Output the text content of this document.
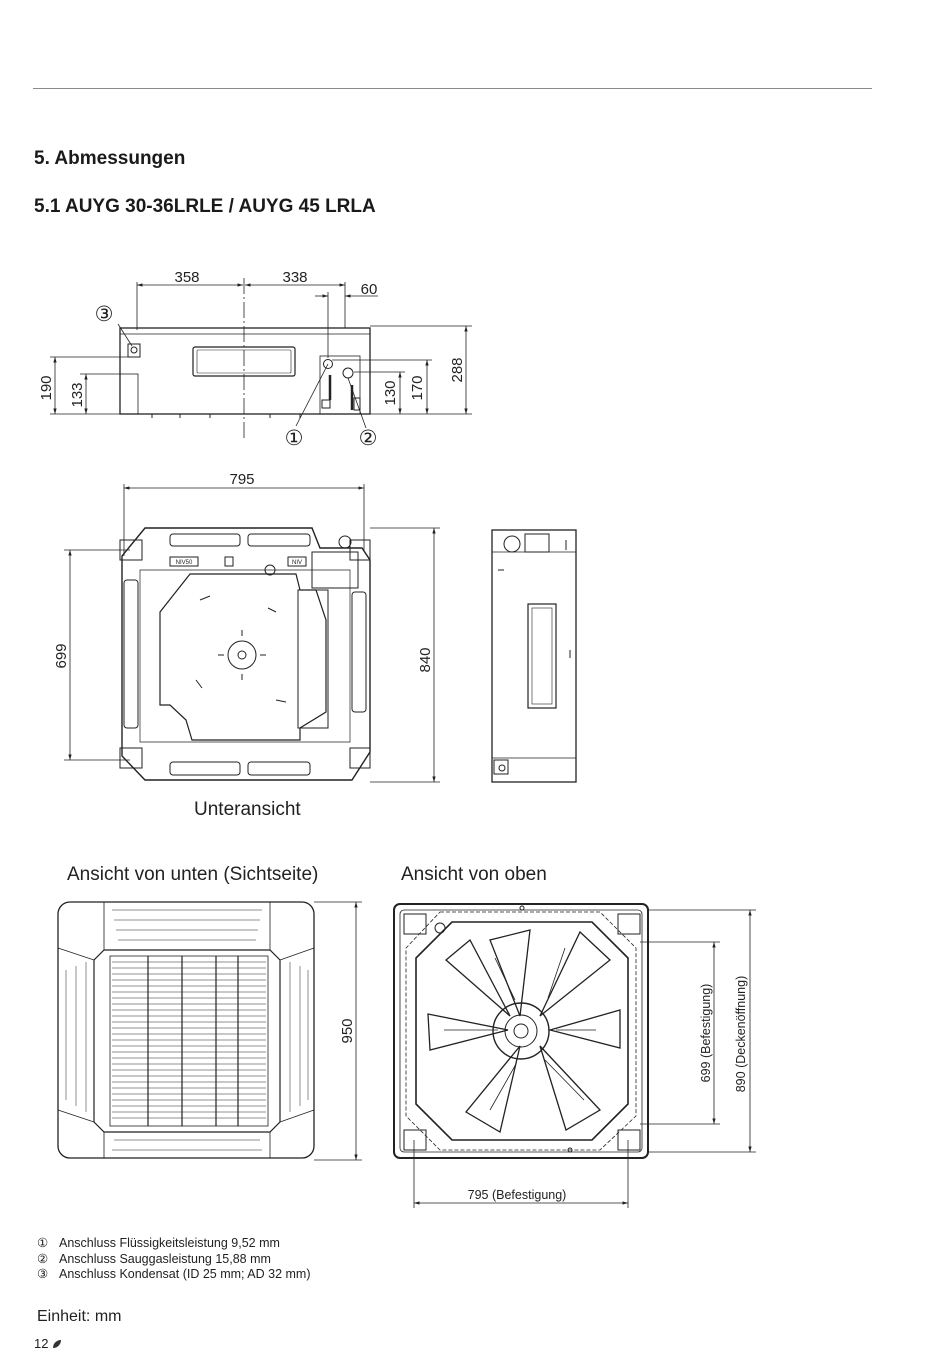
5. Abmessungen
5.1 AUYG 30-36LRLE / AUYG 45 LRLA
358	338
60
190 133	130 170
288
③
①	②
795
699	840
NIV50	NIV
950	699 (Befestigung) 890 (Deckenöffnung)
795 (Befestigung)
Unteransicht
Ansicht von unten (Sichtseite)	Ansicht von oben
① Anschluss Flüssigkeitsleistung 9,52 mm
② Anschluss Sauggasleistung 15,88 mm
③ Anschluss Kondensat (ID 25 mm; AD 32 mm)
Einheit: mm
12
